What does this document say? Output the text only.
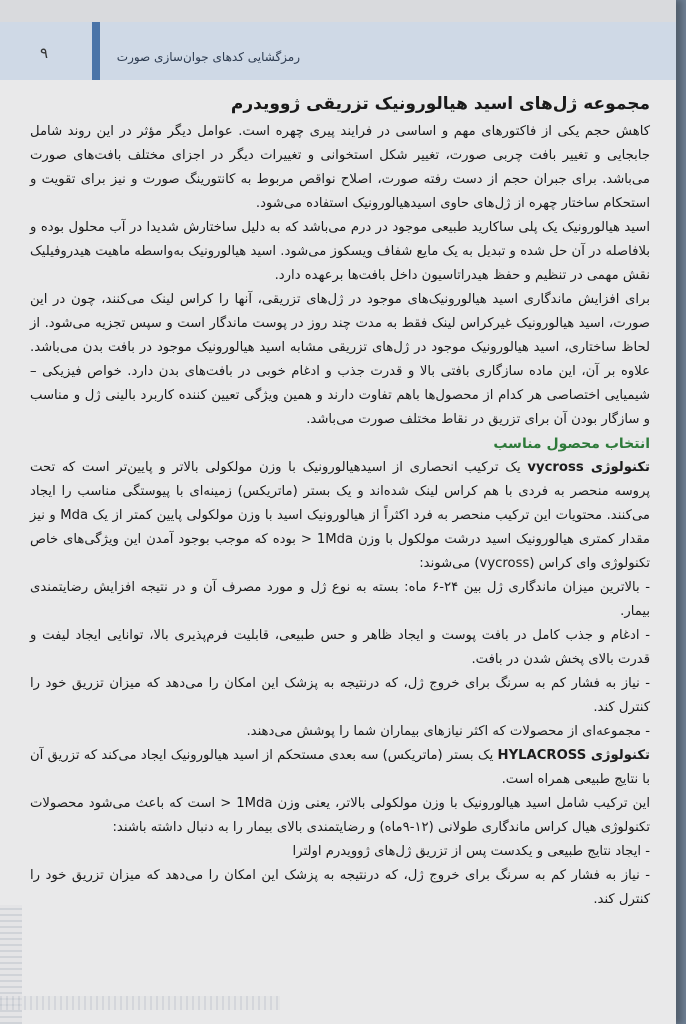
۹	رمزگشایی کدهای جوان‌سازی صورت
مجموعه ژل‌های اسید هیالورونیک تزریقی ژوویدرم

کاهش حجم یکی از فاکتورهای مهم و اساسی در فرایند پیری چهره است. عوامل دیگر مؤثر در این روند شامل جابجایی و تغییر بافت چربی صورت، تغییر شکل استخوانی و تغییرات دیگر در اجزای مختلف بافت‌های صورت می‌باشد. برای جبران حجم از دست رفته صورت، اصلاح نواقص مربوط به کانتورینگ صورت و نیز برای تقویت و استحکام ساختار چهره از ژل‌های حاوی اسیدهیالورونیک استفاده می‌شود.

اسید هیالورونیک یک پلی ساکارید طبیعی موجود در درم می‌باشد که به دلیل ساختارش شدیدا در آب محلول بوده و بلافاصله در آن حل شده و تبدیل به یک مایع شفاف ویسکوز می‌شود. اسید هیالورونیک به‌واسطه ماهیت هیدروفیلیک نقش مهمی در تنظیم و حفظ هیدراتاسیون داخل بافت‌ها برعهده دارد.

برای افزایش ماندگاری اسید هیالورونیک‌های موجود در ژل‌های تزریقی، آنها را کراس لینک می‌کنند، چون در این صورت، اسید هیالورونیک غیرکراس لینک فقط به مدت چند روز در پوست ماندگار است و سپس تجزیه می‌شود. از لحاظ ساختاری، اسید هیالورونیک موجود در ژل‌های تزریقی مشابه اسید هیالورونیک موجود در بافت بدن می‌باشد. علاوه بر آن، این ماده سازگاری بافتی بالا و قدرت جذب و ادغام خوبی در بافت‌های بدن دارد. خواص فیزیکی – شیمیایی اختصاصی هر کدام از محصول‌ها باهم تفاوت دارند و همین ویژگی تعیین کننده کاربرد بالینی ژل و مناسب و سازگار بودن آن برای تزریق در نقاط مختلف صورت می‌باشد.

انتخاب محصول مناسب

تکنولوژی vycross یک ترکیب انحصاری از اسیدهیالورونیک با وزن مولکولی بالاتر و پایین‌تر است که تحت پروسه منحصر به فردی با هم کراس لینک شده‌اند و یک بستر (ماتریکس) زمینه‌ای با پیوستگی مناسب را ایجاد می‌کنند. محتویات این ترکیب منحصر به فرد اکثراً از هیالورونیک اسید با وزن مولکولی پایین کمتر از یک Mda و نیز مقدار کمتری هیالورونیک اسید درشت مولکول با وزن 1Mda < بوده که موجب بوجود آمدن این ویژگی‌های خاص تکنولوژی وای کراس (vycross) می‌شوند:

- بالاترین میزان ماندگاری ژل بین ۲۴-۶ ماه: بسته به نوع ژل و مورد مصرف آن و در نتیجه افزایش رضایتمندی بیمار.

- ادغام و جذب کامل در بافت پوست و ایجاد ظاهر و حس طبیعی، قابلیت فرم‌پذیری بالا، توانایی ایجاد لیفت و قدرت بالای پخش شدن در بافت.

- نیاز به فشار کم به سرنگ برای خروج ژل، که درنتیجه به پزشک این امکان را می‌دهد که میزان تزریق خود را کنترل کند.

- مجموعه‌ای از محصولات که اکثر نیازهای بیماران شما را پوشش می‌دهند.

تکنولوژی HYLACROSS یک بستر (ماتریکس) سه بعدی مستحکم از اسید هیالورونیک ایجاد می‌کند که تزریق آن با نتایج طبیعی همراه است.

این ترکیب شامل اسید هیالورونیک با وزن مولکولی بالاتر، یعنی وزن 1Mda < است که باعث می‌شود محصولات تکنولوژی هیال کراس ماندگاری طولانی (۱۲-۹ماه) و رضایتمندی بالای بیمار را به دنبال داشته باشند:

- ایجاد نتایج طبیعی و یکدست پس از تزریق ژل‌های ژوویدرم اولترا

- نیاز به فشار کم به سرنگ برای خروج ژل، که درنتیجه به پزشک این امکان را می‌دهد که میزان تزریق خود را کنترل کند.
